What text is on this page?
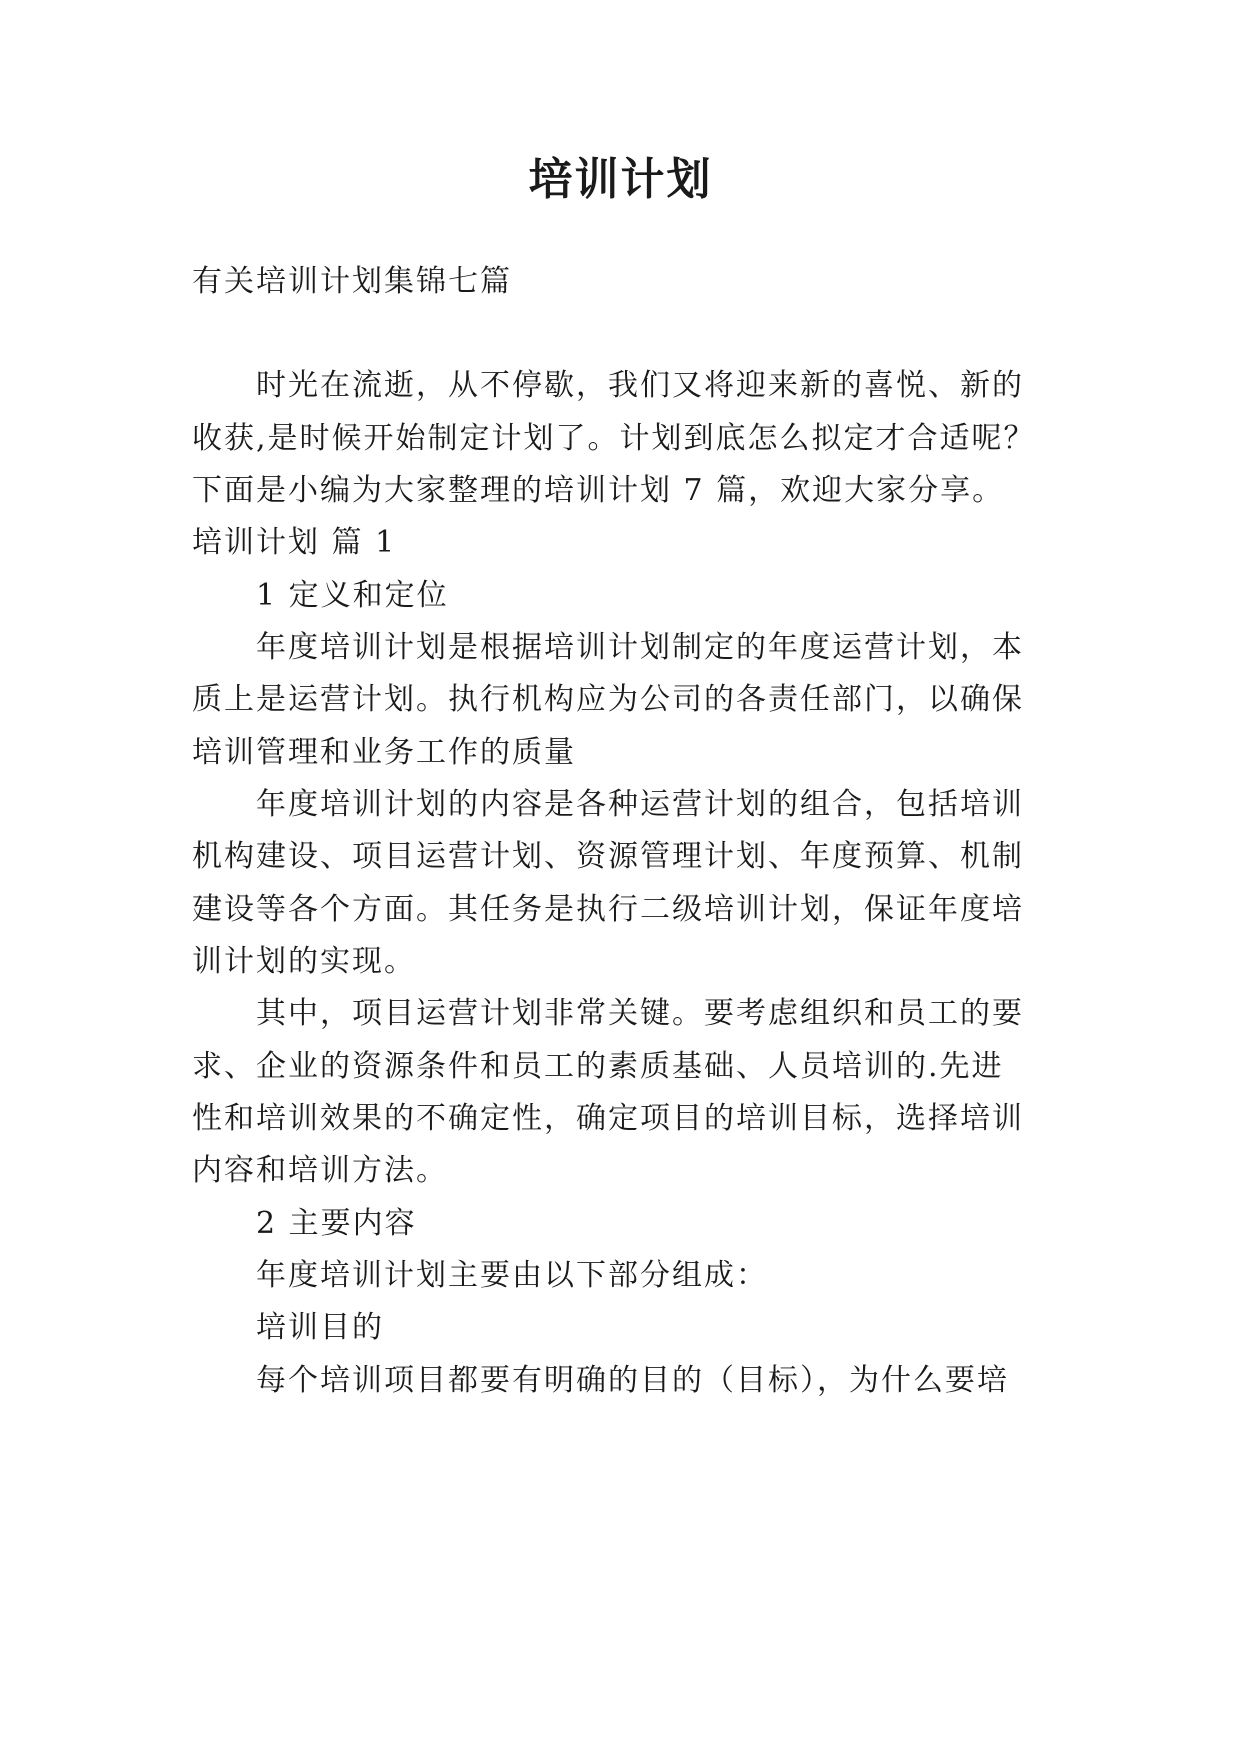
培训计划
有关培训计划集锦七篇
时光在流逝，从不停歇，我们又将迎来新的喜悦、新的
收获,是时候开始制定计划了。计划到底怎么拟定才合适呢？
下面是小编为大家整理的培训计划 7 篇，欢迎大家分享。
培训计划 篇 1
1 定义和定位
年度培训计划是根据培训计划制定的年度运营计划，本
质上是运营计划。执行机构应为公司的各责任部门，以确保
培训管理和业务工作的质量
年度培训计划的内容是各种运营计划的组合，包括培训
机构建设、项目运营计划、资源管理计划、年度预算、机制
建设等各个方面。其任务是执行二级培训计划，保证年度培
训计划的实现。
其中，项目运营计划非常关键。要考虑组织和员工的要
求、企业的资源条件和员工的素质基础、人员培训的.先进
性和培训效果的不确定性，确定项目的培训目标，选择培训
内容和培训方法。
2 主要内容
年度培训计划主要由以下部分组成：
培训目的
每个培训项目都要有明确的目的（目标），为什么要培
